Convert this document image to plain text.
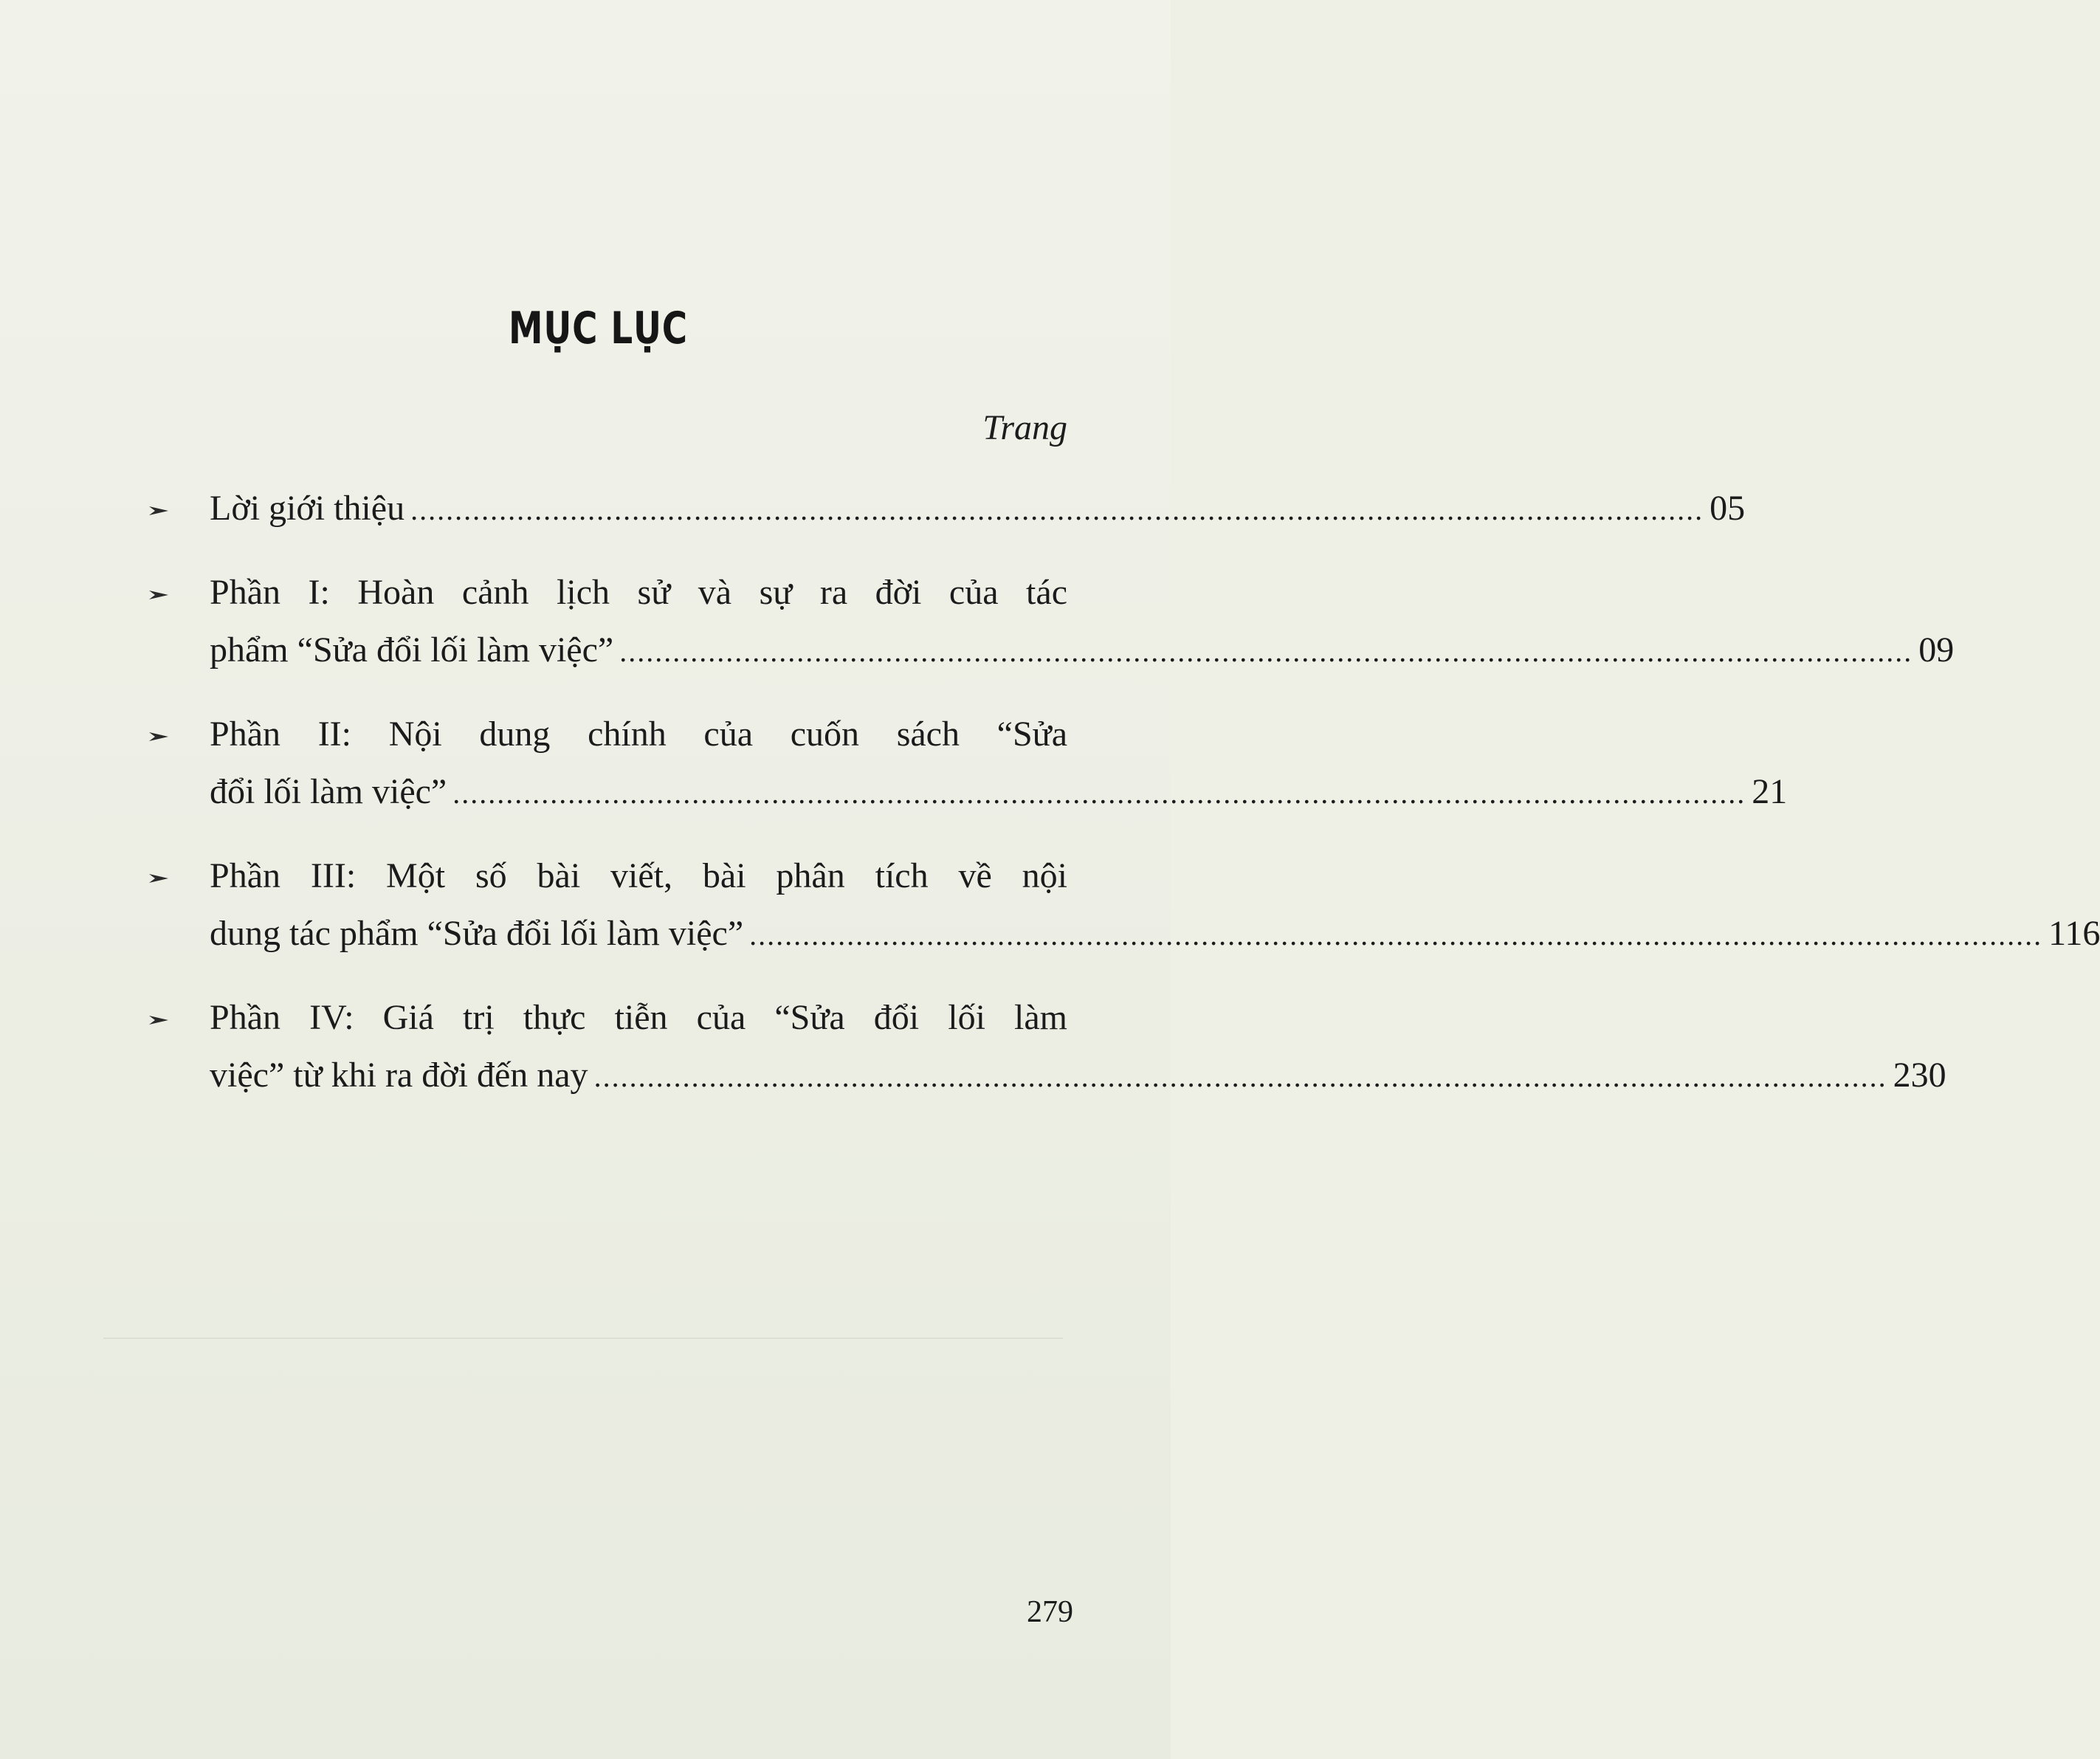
MỤC LỤC
Trang
Lời giới thiệu .................................................................................................................................................. 05
Phần I: Hoàn cảnh lịch sử và sự ra đời của tác
phẩm “Sửa đổi lối làm việc” .................................................................................................................................................. 09
Phần II: Nội dung chính của cuốn sách “Sửa
đổi lối làm việc” .................................................................................................................................................. 21
Phần III: Một số bài viết, bài phân tích về nội
dung tác phẩm “Sửa đổi lối làm việc” .................................................................................................................................................. 116
Phần IV: Giá trị thực tiễn của “Sửa đổi lối làm
việc” từ khi ra đời đến nay .................................................................................................................................................. 230
279
